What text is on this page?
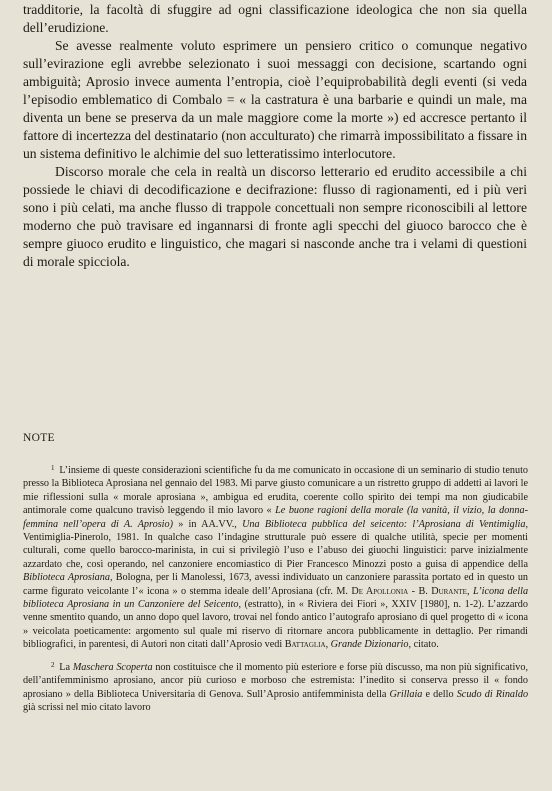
tradditorie, la facoltà di sfuggire ad ogni classificazione ideologica che non sia quella dell’erudizione.

Se avesse realmente voluto esprimere un pensiero critico o comunque negativo sull’evirazione egli avrebbe selezionato i suoi messaggi con decisione, scartando ogni ambiguità; Aprosio invece aumenta l’entropia, cioè l’equiprobabilità degli eventi (si veda l’episodio emblematico di Combalo = « la castratura è una barbarie e quindi un male, ma diventa un bene se preserva da un male maggiore come la morte ») ed accresce pertanto il fattore di incertezza del destinatario (non acculturato) che rimarrà impossibilitato a fissare in un sistema definitivo le alchimie del suo letteratissimo interlocutore.

Discorso morale che cela in realtà un discorso letterario ed erudito accessibile a chi possiede le chiavi di decodificazione e decifrazione: flusso di ragionamenti, ed i più veri sono i più celati, ma anche flusso di trappole concettuali non sempre riconoscibili al lettore moderno che può travisare ed ingannarsi di fronte agli specchi del giuoco barocco che è sempre giuoco erudito e linguistico, che magari si nasconde anche tra i velami di questioni di morale spicciola.

NOTE

$^1$ L’insieme di queste considerazioni scientifiche fu da me comunicato in occasione di un seminario di studio tenuto presso la Biblioteca Aprosiana nel gennaio del 1983. Mi parve giusto comunicare a un ristretto gruppo di addetti ai lavori le mie riflessioni sulla « morale aprosiana », ambigua ed erudita, coerente collo spirito dei tempi ma non giudicabile antimorale come qualcuno travisò leggendo il mio lavoro « Le buone ragioni della morale (la vanità, il vizio, la donna-femmina nell’opera di A. Aprosio) » in AA.VV., Una Biblioteca pubblica del seicento: l’Aprosiana di Ventimiglia, Ventimiglia-Pinerolo, 1981. In qualche caso l’indagine strutturale può essere di qualche utilità, specie per momenti culturali, come quello barocco-marinista, in cui si privilegiò l’uso e l’abuso dei giuochi linguistici: parve inizialmente azzardato che, così operando, nel canzoniere encomiastico di Pier Francesco Minozzi posto a guisa di appendice della Biblioteca Aprosiana, Bologna, per li Manolessi, 1673, avessi individuato un canzoniere parassita portato ed in questo un carme figurato veicolante l’« icona » o stemma ideale dell’Aprosiana (cfr. M. De Apollonia - B. Durante, L’icona della biblioteca Aprosiana in un Canzoniere del Seicento, (estratto), in « Riviera dei Fiori », XXIV [1980], n. 1-2). L’azzardo venne smentito quando, un anno dopo quel lavoro, trovai nel fondo antico l’autografo aprosiano di quel progetto di « icona » veicolata poeticamente: argomento sul quale mi riservo di ritornare ancora pubblicamente in dettaglio. Per rimandi bibliografici, in parentesi, di Autori non citati dall’Aprosio vedi Battaglia, Grande Dizionario, citato.

$^2$ La Maschera Scoperta non costituisce che il momento più esteriore e forse più discusso, ma non più significativo, dell’antifemminismo aprosiano, ancor più curioso e morboso che estremista: l’inedito si conserva presso il « fondo aprosiano » della Biblioteca Universitaria di Genova. Sull’Aprosio antifemminista della Grillaia e dello Scudo di Rinaldo già scrissi nel mio citato lavoro
